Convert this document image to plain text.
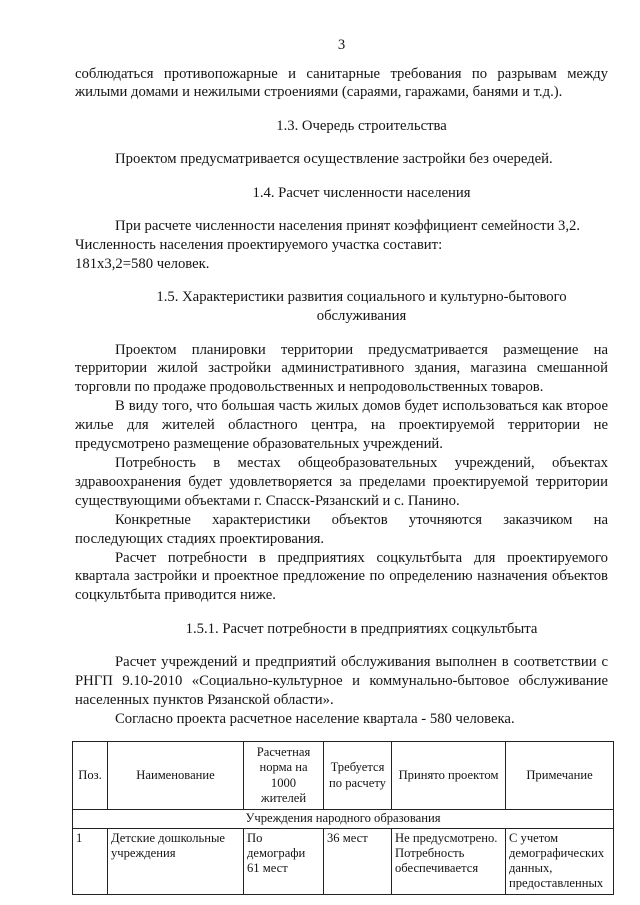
3

соблюдаться противопожарные и санитарные требования по разрывам между жилыми домами и нежилыми строениями (сараями, гаражами, банями и т.д.).

1.3. Очередь строительства

Проектом предусматривается осуществление застройки без очередей.

1.4. Расчет численности населения

При расчете численности населения принят коэффициент семейности 3,2.

Численность населения проектируемого участка составит:

181х3,2=580 человек.

1.5. Характеристики развития социального и культурно-бытового обслуживания

Проектом планировки территории предусматривается размещение на территории жилой застройки административного здания, магазина смешанной торговли по продаже продовольственных и непродовольственных товаров.

В виду того, что большая часть жилых домов будет использоваться как второе жилье для жителей областного центра, на проектируемой территории не предусмотрено размещение образовательных учреждений.

Потребность в местах общеобразовательных учреждений, объектах здравоохранения будет удовлетворяется за пределами проектируемой территории существующими объектами г. Спасск-Рязанский и с. Панино.

Конкретные характеристики объектов уточняются заказчиком на последующих стадиях проектирования.

Расчет потребности в предприятиях соцкультбыта для проектируемого квартала застройки и проектное предложение по определению назначения объектов соцкультбыта приводится ниже.

1.5.1. Расчет потребности в предприятиях соцкультбыта

Расчет учреждений и предприятий обслуживания выполнен в соответствии с РНГП 9.10-2010 «Социально-культурное и коммунально-бытовое обслуживание населенных пунктов Рязанской области».

Согласно проекта расчетное население квартала - 580 человека.

Поз.	Наименование	Расчетная норма на 1000 жителей	Требуется по расчету	Принято проектом	Примечание
Учреждения народного образования					
1	Детские дошкольные учреждения	По демографи 61 мест	36 мест	Не предусмотрено. Потребность обеспечивается	С учетом демографических данных, предоставленных
